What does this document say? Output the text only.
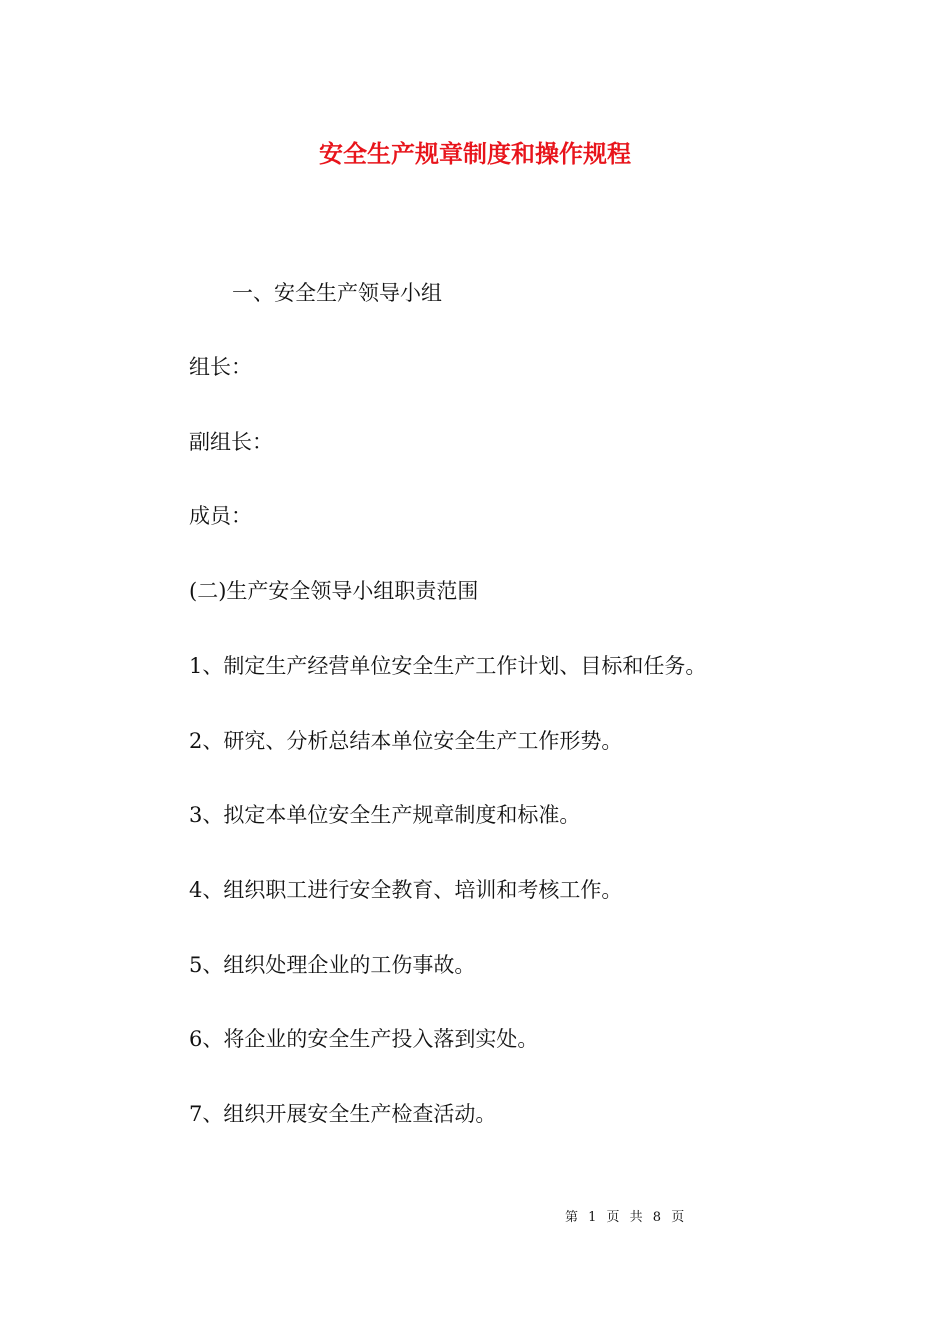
安全生产规章制度和操作规程

一、安全生产领导小组

组长：

副组长：

成员：

(二)生产安全领导小组职责范围

1、制定生产经营单位安全生产工作计划、目标和任务。

2、研究、分析总结本单位安全生产工作形势。

3、拟定本单位安全生产规章制度和标准。

4、组织职工进行安全教育、培训和考核工作。

5、组织处理企业的工伤事故。

6、将企业的安全生产投入落到实处。

7、组织开展安全生产检查活动。

第 1 页 共 8 页
